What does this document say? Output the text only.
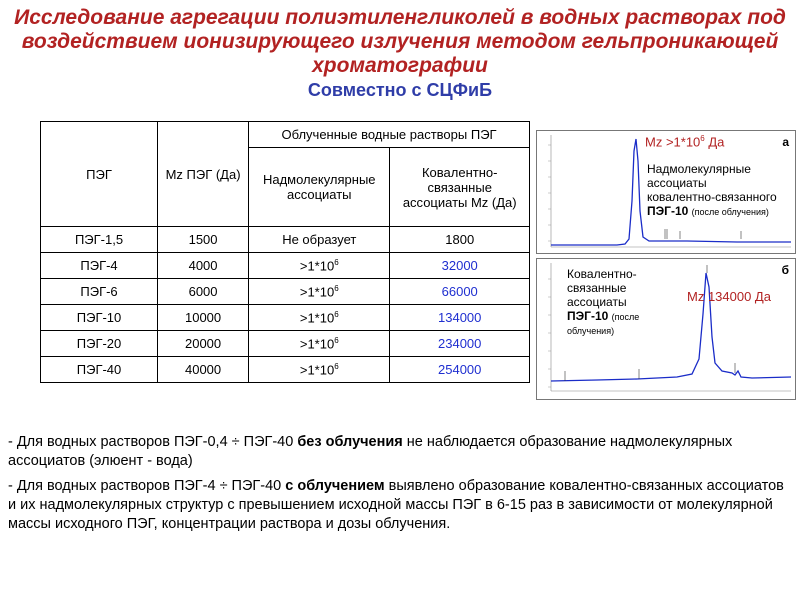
Исследование агрегации полиэтиленгликолей в водных растворах под воздействием ионизирующего излучения методом гельпроникающей хроматографии
Совместно с СЦФиБ
ПЭГ	Mz ПЭГ (Да)	Облученные водные растворы ПЭГ	
		Надмолекулярные ассоциаты	Ковалентно-связанные ассоциаты Mz (Да)
ПЭГ-1,5	1500	Не образует	1800
ПЭГ-4	4000	$>1*10^6$	32000
ПЭГ-6	6000	$>1*10^6$	66000
ПЭГ-10	10000	$>1*10^6$	134000
ПЭГ-20	20000	$>1*10^6$	234000
ПЭГ-40	40000	$>1*10^6$	254000
$Mz >1*10^6$ Да	а
Надмолекулярные
ассоциаты
ковалентно-связанного
ПЭГ-10 (после облучения)
Mz 134000 Да
б
Ковалентно-
связанные
ассоциаты
ПЭГ-10 (после
облучения)

- Для водных растворов ПЭГ-0,4 ÷ ПЭГ-40 без облучения не наблюдается образование надмолекулярных ассоциатов (элюент - вода)

- Для водных растворов ПЭГ-4 ÷ ПЭГ-40 с облучением выявлено образование ковалентно-связанных ассоциатов и их надмолекулярных структур с превышением исходной массы ПЭГ в 6-15 раз в зависимости от молекулярной массы исходного ПЭГ, концентрации раствора и дозы облучения.
